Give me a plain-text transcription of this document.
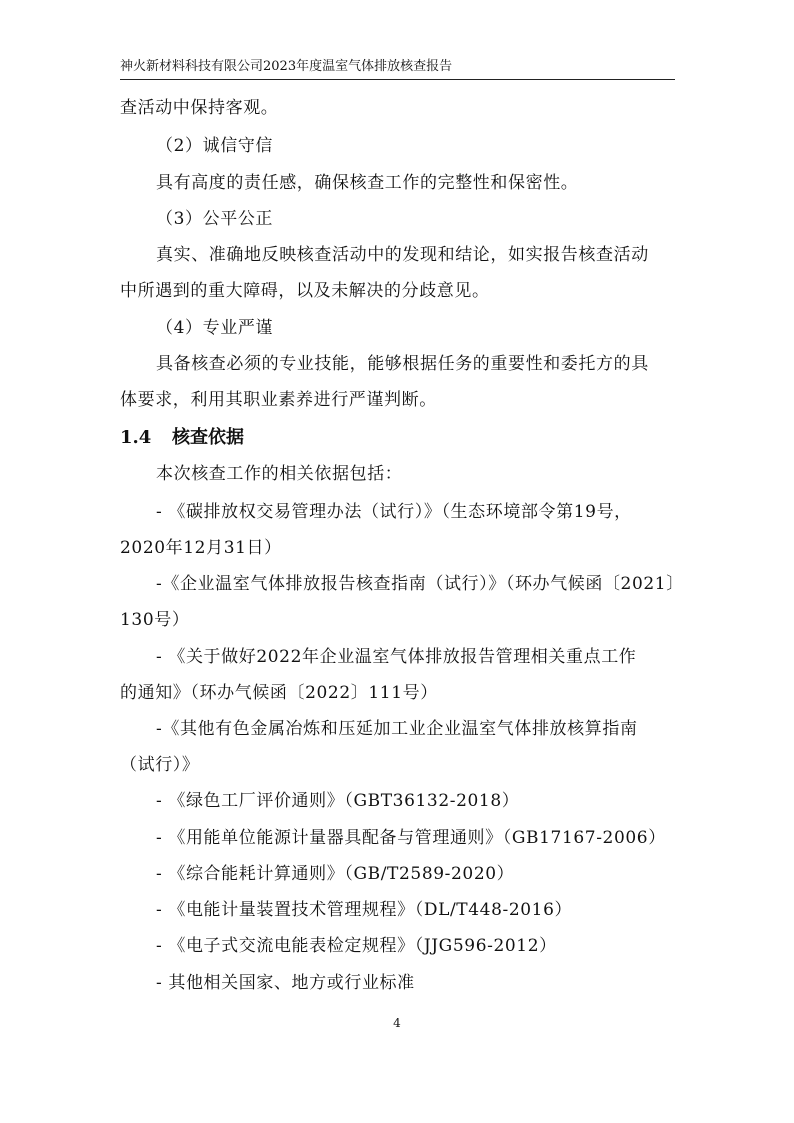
神火新材料科技有限公司2023年度温室气体排放核查报告
查活动中保持客观。
（2）诚信守信
具有高度的责任感，确保核查工作的完整性和保密性。
（3）公平公正
真实、准确地反映核查活动中的发现和结论，如实报告核查活动
中所遇到的重大障碍，以及未解决的分歧意见。
（4）专业严谨
具备核查必须的专业技能，能够根据任务的重要性和委托方的具
体要求，利用其职业素养进行严谨判断。
1.4 核查依据
本次核查工作的相关依据包括：
- 《碳排放权交易管理办法（试行）》（生态环境部令第19号，
2020年12月31日）
-《企业温室气体排放报告核查指南（试行）》（环办气候函〔2021〕
130号）
- 《关于做好2022年企业温室气体排放报告管理相关重点工作
的通知》（环办气候函〔2022〕111号）
-《其他有色金属冶炼和压延加工业企业温室气体排放核算指南
（试行）》
- 《绿色工厂评价通则》（GBT36132-2018）
- 《用能单位能源计量器具配备与管理通则》（GB17167-2006）
- 《综合能耗计算通则》（GB/T2589-2020）
- 《电能计量装置技术管理规程》（DL/T448-2016）
- 《电子式交流电能表检定规程》（JJG596-2012）
- 其他相关国家、地方或行业标准
4
